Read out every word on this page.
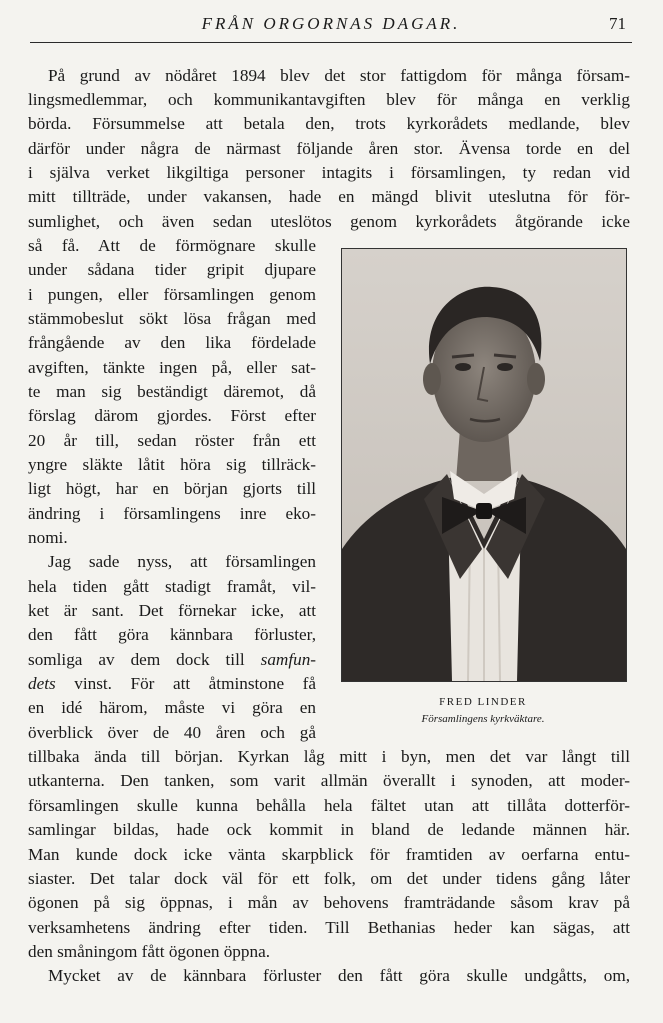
FRÅN ORGORNAS DAGAR.	71
På grund av nödåret 1894 blev det stor fattigdom för många försam-
lingsmedlemmar, och kommunikantavgiften blev för många en verklig
börda. Försummelse att betala den, trots kyrkorådets medlande, blev
därför under några de närmast följande åren stor. Ävensa torde en del
i själva verket likgiltiga personer intagits i församlingen, ty redan vid
mitt tillträde, under vakansen, hade en mängd blivit uteslutna för för-
sumlighet, och även sedan uteslötos genom kyrkorådets åtgörande icke
så få. Att de förmögnare skulle
under sådana tider gripit djupare
i pungen, eller församlingen genom
stämmobeslut sökt lösa frågan med
frångående av den lika fördelade
avgiften, tänkte ingen på, eller sat-
te man sig beständigt däremot, då
förslag därom gjordes. Först efter
20 år till, sedan röster från ett
yngre släkte låtit höra sig tillräck-
ligt högt, har en början gjorts till
ändring i församlingens inre eko-
nomi.
Jag sade nyss, att församlingen
hela tiden gått stadigt framåt, vil-
ket är sant. Det förnekar icke, att
den fått göra kännbara förluster,
somliga av dem dock till samfun-
dets vinst. För att åtminstone få
en idé härom, måste vi göra en
överblick över de 40 åren och gå
tillbaka ända till början. Kyrkan låg mitt i byn, men det var långt till
utkanterna. Den tanken, som varit allmän överallt i synoden, att moder-
församlingen skulle kunna behålla hela fältet utan att tillåta dotterför-
samlingar bildas, hade ock kommit in bland de ledande männen här.
Man kunde dock icke vänta skarpblick för framtiden av oerfarna entu-
siaster. Det talar dock väl för ett folk, om det under tidens gång låter
ögonen på sig öppnas, i mån av behovens framträdande såsom krav på
verksamhetens ändring efter tiden. Till Bethanias heder kan sägas, att
den småningom fått ögonen öppna.
Mycket av de kännbara förluster den fått göra skulle undgåtts, om,
FRED LINDER
Församlingens kyrkväktare.
